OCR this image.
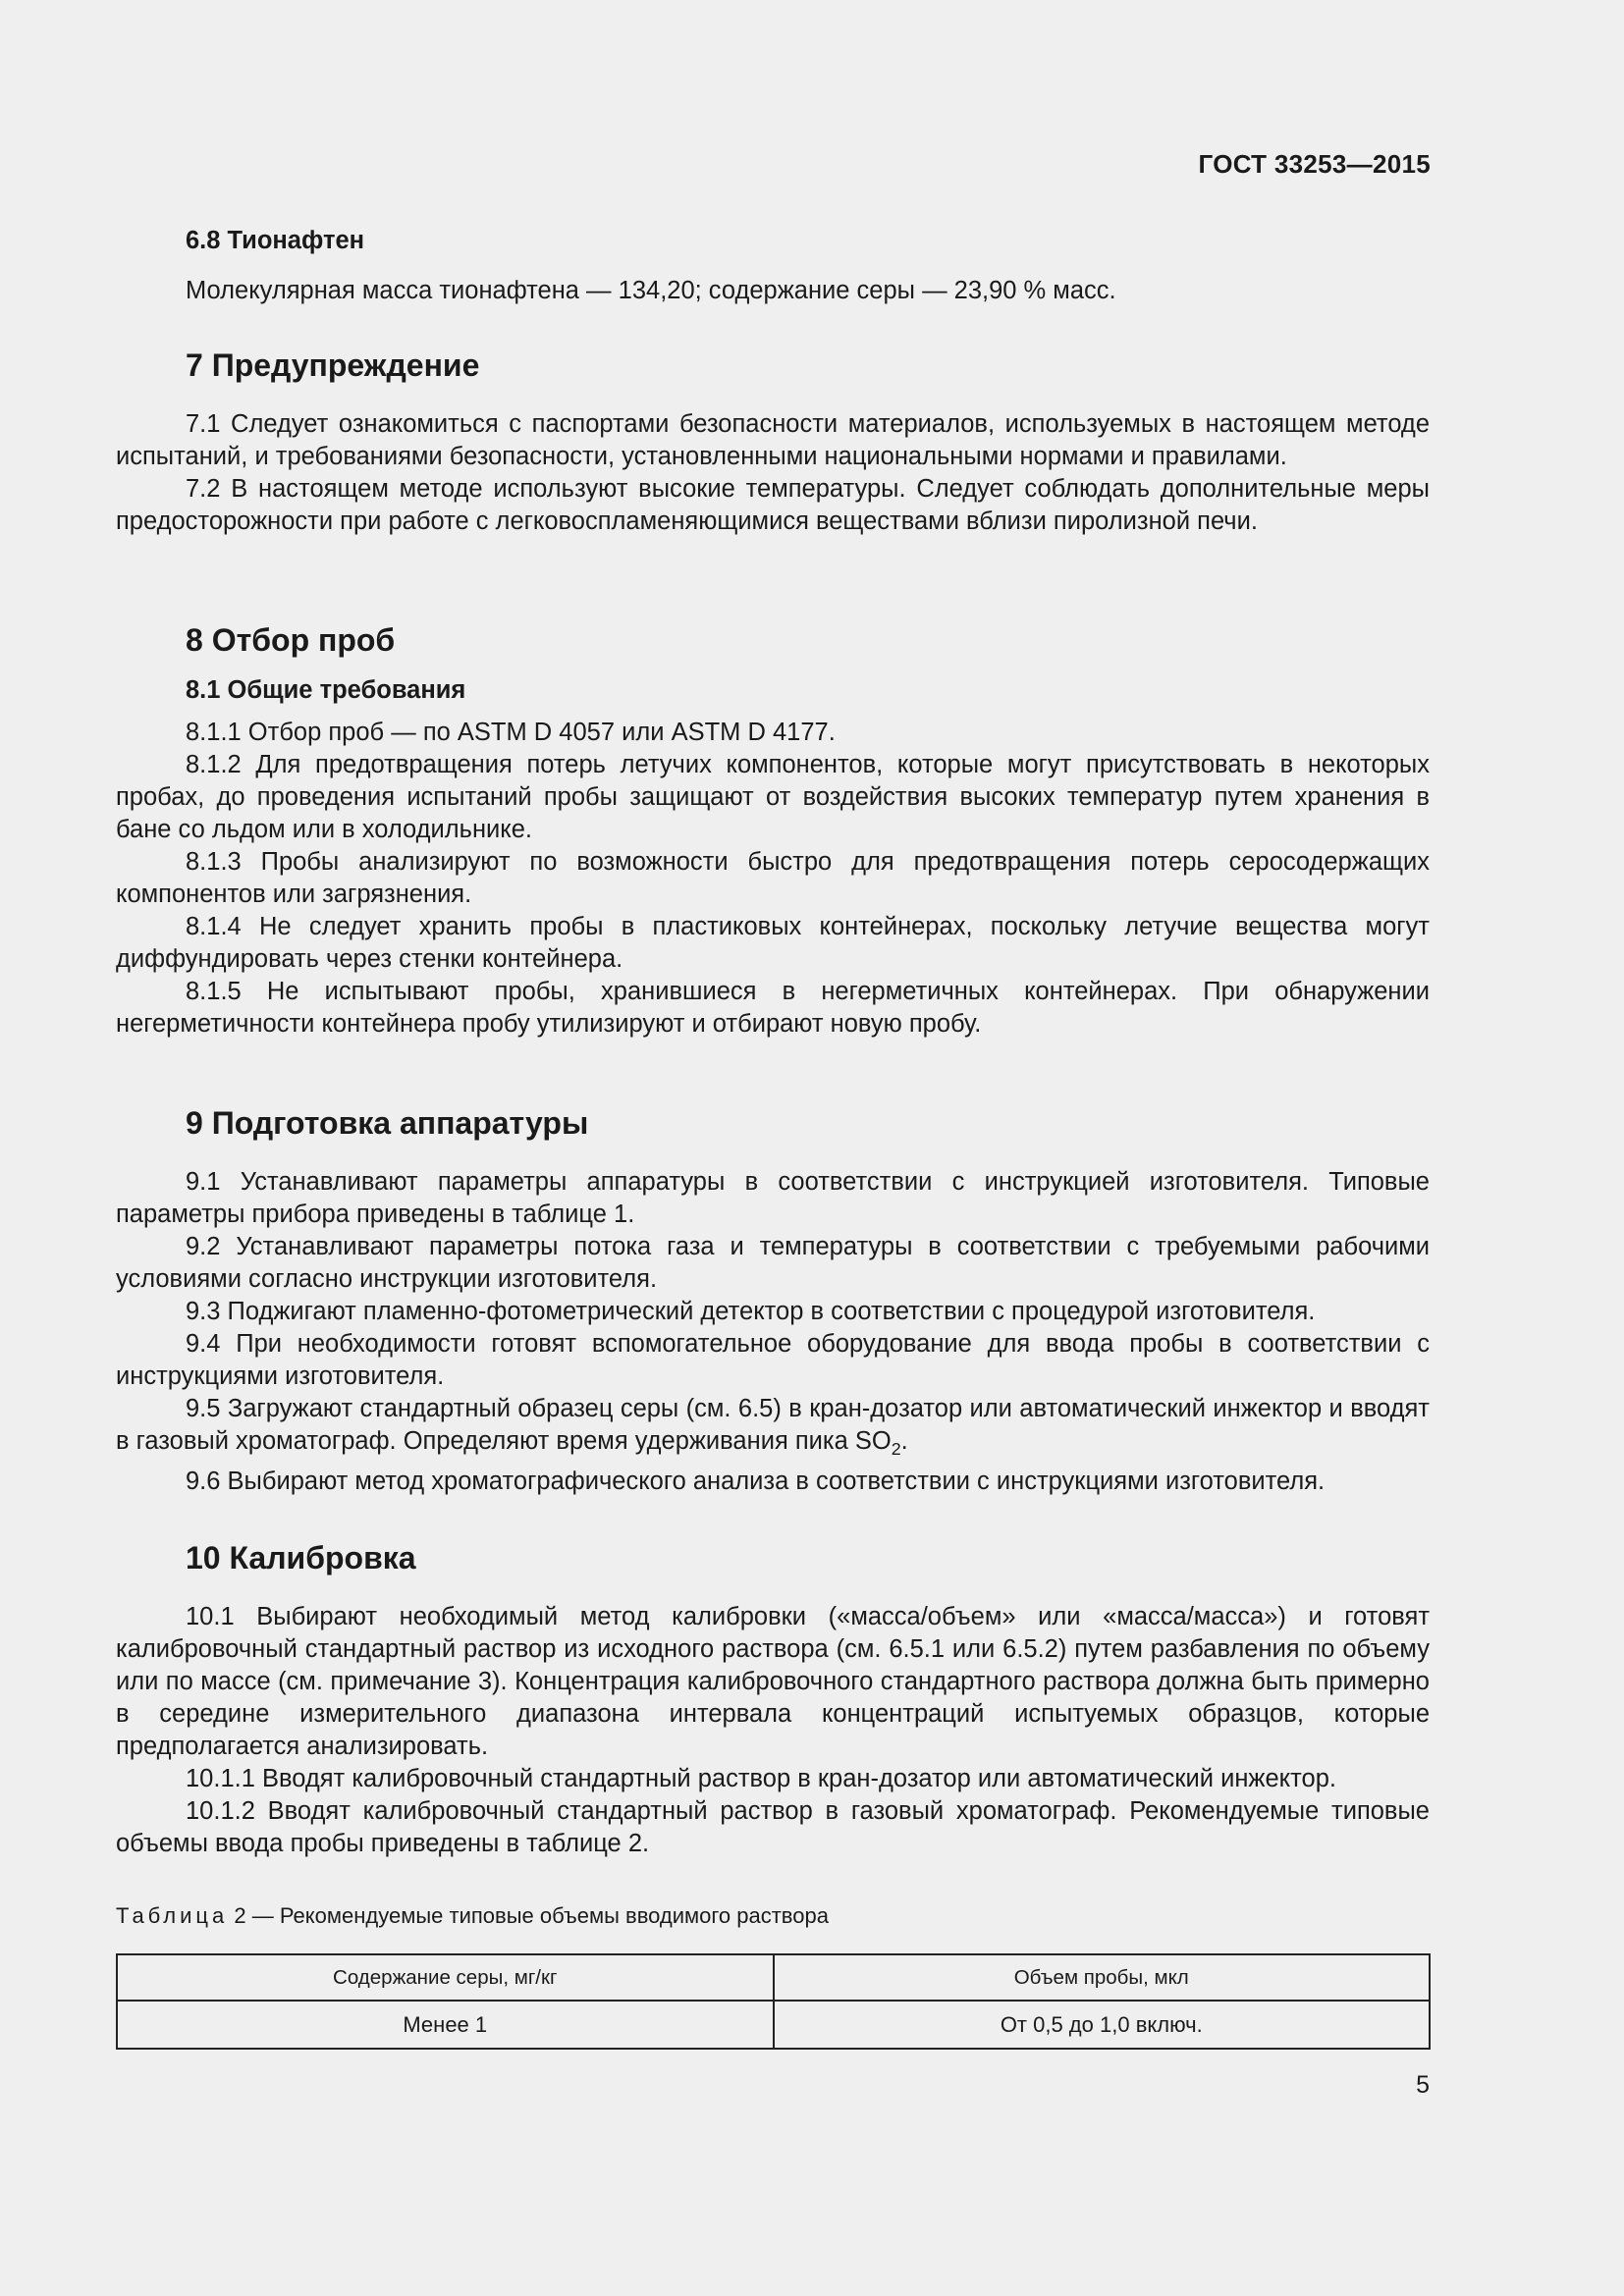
ГОСТ 33253—2015
6.8 Тионафтен
Молекулярная масса тионафтена — 134,20; содержание серы — 23,90 % масс.
7 Предупреждение
7.1 Следует ознакомиться с паспортами безопасности материалов, используемых в настоящем методе испытаний, и требованиями безопасности, установленными национальными нормами и правилами.
7.2 В настоящем методе используют высокие температуры. Следует соблюдать дополнительные меры предосторожности при работе с легковоспламеняющимися веществами вблизи пиролизной печи.
8 Отбор проб
8.1 Общие требования
8.1.1 Отбор проб — по ASTM D 4057 или ASTM D 4177.
8.1.2 Для предотвращения потерь летучих компонентов, которые могут присутствовать в некоторых пробах, до проведения испытаний пробы защищают от воздействия высоких температур путем хранения в бане со льдом или в холодильнике.
8.1.3 Пробы анализируют по возможности быстро для предотвращения потерь серосодержащих компонентов или загрязнения.
8.1.4 Не следует хранить пробы в пластиковых контейнерах, поскольку летучие вещества могут диффундировать через стенки контейнера.
8.1.5 Не испытывают пробы, хранившиеся в негерметичных контейнерах. При обнаружении негерметичности контейнера пробу утилизируют и отбирают новую пробу.
9 Подготовка аппаратуры
9.1 Устанавливают параметры аппаратуры в соответствии с инструкцией изготовителя. Типовые параметры прибора приведены в таблице 1.
9.2 Устанавливают параметры потока газа и температуры в соответствии с требуемыми рабочими условиями согласно инструкции изготовителя.
9.3 Поджигают пламенно-фотометрический детектор в соответствии с процедурой изготовителя.
9.4 При необходимости готовят вспомогательное оборудование для ввода пробы в соответствии с инструкциями изготовителя.
9.5 Загружают стандартный образец серы (см. 6.5) в кран-дозатор или автоматический инжектор и вводят в газовый хроматограф. Определяют время удерживания пика $SO_2$.
9.6 Выбирают метод хроматографического анализа в соответствии с инструкциями изготовителя.
10 Калибровка
10.1 Выбирают необходимый метод калибровки («масса/объем» или «масса/масса») и готовят калибровочный стандартный раствор из исходного раствора (см. 6.5.1 или 6.5.2) путем разбавления по объему или по массе (см. примечание 3). Концентрация калибровочного стандартного раствора должна быть примерно в середине измерительного диапазона интервала концентраций испытуемых образцов, которые предполагается анализировать.
10.1.1 Вводят калибровочный стандартный раствор в кран-дозатор или автоматический инжектор.
10.1.2 Вводят калибровочный стандартный раствор в газовый хроматограф. Рекомендуемые типовые объемы ввода пробы приведены в таблице 2.
Таблица 2 — Рекомендуемые типовые объемы вводимого раствора
Содержание серы, мг/кг	Объем пробы, мкл
Менее 1	От 0,5 до 1,0 включ.
5
